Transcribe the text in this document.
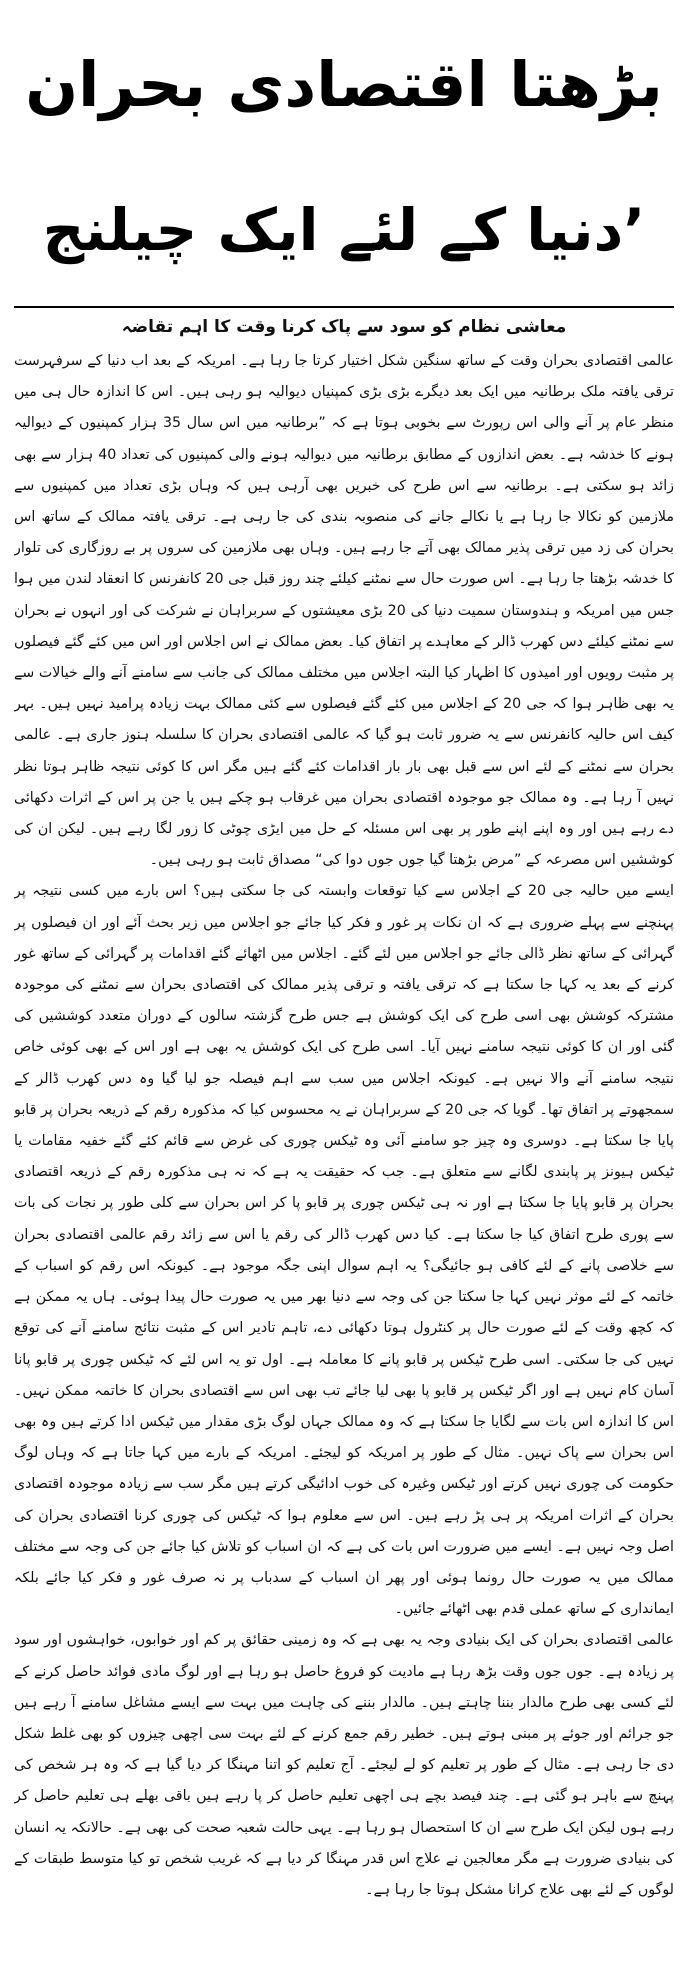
بڑھتا اقتصادی بحران
’دنیا کے لئے ایک چیلنج
معاشی نظام کو سود سے پاک کرنا وقت کا اہم تقاضہ

عالمی اقتصادی بحران وقت کے ساتھ سنگین شکل اختیار کرتا جا رہا ہے۔ امریکہ کے بعد اب دنیا کے سرفہرست ترقی یافتہ ملک برطانیہ میں ایک بعد دیگرے بڑی بڑی کمپنیاں دیوالیہ ہو رہی ہیں۔ اس کا اندازہ حال ہی میں منظر عام پر آنے والی اس رپورٹ سے بخوبی ہوتا ہے کہ ”برطانیہ میں اس سال 35 ہزار کمپنیوں کے دیوالیہ ہونے کا خدشہ ہے۔ بعض اندازوں کے مطابق برطانیہ میں دیوالیہ ہونے والی کمپنیوں کی تعداد 40 ہزار سے بھی زائد ہو سکتی ہے۔ برطانیہ سے اس طرح کی خبریں بھی آرہی ہیں کہ وہاں بڑی تعداد میں کمپنیوں سے ملازمین کو نکالا جا رہا ہے یا نکالے جانے کی منصوبہ بندی کی جا رہی ہے۔ ترقی یافتہ ممالک کے ساتھ اس بحران کی زد میں ترقی پذیر ممالک بھی آتے جا رہے ہیں۔ وہاں بھی ملازمین کی سروں پر بے روزگاری کی تلوار کا خدشہ بڑھتا جا رہا ہے۔ اس صورت حال سے نمٹنے کیلئے چند روز قبل جی 20 کانفرنس کا انعقاد لندن میں ہوا جس میں امریکہ و ہندوستان سمیت دنیا کی 20 بڑی معیشتوں کے سربراہان نے شرکت کی اور انہوں نے بحران سے نمٹنے کیلئے دس کھرب ڈالر کے معاہدے پر اتفاق کیا۔ بعض ممالک نے اس اجلاس اور اس میں کئے گئے فیصلوں پر مثبت رویوں اور امیدوں کا اظہار کیا البتہ اجلاس میں مختلف ممالک کی جانب سے سامنے آنے والے خیالات سے یہ بھی ظاہر ہوا کہ جی 20 کے اجلاس میں کئے گئے فیصلوں سے کئی ممالک بہت زیادہ پرامید نہیں ہیں۔ بہر کیف اس حالیہ کانفرنس سے یہ ضرور ثابت ہو گیا کہ عالمی اقتصادی بحران کا سلسلہ ہنوز جاری ہے۔ عالمی بحران سے نمٹنے کے لئے اس سے قبل بھی بار بار اقدامات کئے گئے ہیں مگر اس کا کوئی نتیجہ ظاہر ہوتا نظر نہیں آ رہا ہے۔ وہ ممالک جو موجودہ اقتصادی بحران میں غرقاب ہو چکے ہیں یا جن پر اس کے اثرات دکھائی دے رہے ہیں اور وہ اپنے اپنے طور پر بھی اس مسئلہ کے حل میں ایڑی چوٹی کا زور لگا رہے ہیں۔ لیکن ان کی کوششیں اس مصرعہ کے ”مرض بڑھتا گیا جوں جوں دوا کی“ مصداق ثابت ہو رہی ہیں۔

ایسے میں حالیہ جی 20 کے اجلاس سے کیا توقعات وابستہ کی جا سکتی ہیں؟ اس بارے میں کسی نتیجہ پر پہنچنے سے پہلے ضروری ہے کہ ان نکات پر غور و فکر کیا جائے جو اجلاس میں زیر بحث آئے اور ان فیصلوں پر گہرائی کے ساتھ نظر ڈالی جائے جو اجلاس میں لئے گئے۔ اجلاس میں اٹھائے گئے اقدامات پر گہرائی کے ساتھ غور کرنے کے بعد یہ کہا جا سکتا ہے کہ ترقی یافتہ و ترقی پذیر ممالک کی اقتصادی بحران سے نمٹنے کی موجودہ مشترکہ کوشش بھی اسی طرح کی ایک کوشش ہے جس طرح گزشتہ سالوں کے دوران متعدد کوششیں کی گئی اور ان کا کوئی نتیجہ سامنے نہیں آیا۔ اسی طرح کی ایک کوشش یہ بھی ہے اور اس کے بھی کوئی خاص نتیجہ سامنے آنے والا نہیں ہے۔ کیونکہ اجلاس میں سب سے اہم فیصلہ جو لیا گیا وہ دس کھرب ڈالر کے سمجھوتے پر اتفاق تھا۔ گویا کہ جی 20 کے سربراہان نے یہ محسوس کیا کہ مذکورہ رقم کے ذریعہ بحران پر قابو پایا جا سکتا ہے۔ دوسری وہ چیز جو سامنے آئی وہ ٹیکس چوری کی غرض سے قائم کئے گئے خفیہ مقامات یا ٹیکس ہیونز پر پابندی لگانے سے متعلق ہے۔ جب کہ حقیقت یہ ہے کہ نہ ہی مذکورہ رقم کے ذریعہ اقتصادی بحران پر قابو پایا جا سکتا ہے اور نہ ہی ٹیکس چوری پر قابو پا کر اس بحران سے کلی طور پر نجات کی بات سے پوری طرح اتفاق کیا جا سکتا ہے۔ کیا دس کھرب ڈالر کی رقم یا اس سے زائد رقم عالمی اقتصادی بحران سے خلاصی پانے کے لئے کافی ہو جائیگی؟ یہ اہم سوال اپنی جگہ موجود ہے۔ کیونکہ اس رقم کو اسباب کے خاتمہ کے لئے موثر نہیں کہا جا سکتا جن کی وجہ سے دنیا بھر میں یہ صورت حال پیدا ہوئی۔ ہاں یہ ممکن ہے کہ کچھ وقت کے لئے صورت حال پر کنٹرول ہوتا دکھائی دے، تاہم تادیر اس کے مثبت نتائج سامنے آنے کی توقع نہیں کی جا سکتی۔ اسی طرح ٹیکس پر قابو پانے کا معاملہ ہے۔ اول تو یہ اس لئے کہ ٹیکس چوری پر قابو پانا آسان کام نہیں ہے اور اگر ٹیکس پر قابو پا بھی لیا جائے تب بھی اس سے اقتصادی بحران کا خاتمہ ممکن نہیں۔ اس کا اندازہ اس بات سے لگایا جا سکتا ہے کہ وہ ممالک جہاں لوگ بڑی مقدار میں ٹیکس ادا کرتے ہیں وہ بھی اس بحران سے پاک نہیں۔ مثال کے طور پر امریکہ کو لیجئے۔ امریکہ کے بارے میں کہا جاتا ہے کہ وہاں لوگ حکومت کی چوری نہیں کرتے اور ٹیکس وغیرہ کی خوب ادائیگی کرتے ہیں مگر سب سے زیادہ موجودہ اقتصادی بحران کے اثرات امریکہ پر ہی پڑ رہے ہیں۔ اس سے معلوم ہوا کہ ٹیکس کی چوری کرنا اقتصادی بحران کی اصل وجہ نہیں ہے۔ ایسے میں ضرورت اس بات کی ہے کہ ان اسباب کو تلاش کیا جائے جن کی وجہ سے مختلف ممالک میں یہ صورت حال رونما ہوئی اور پھر ان اسباب کے سدباب پر نہ صرف غور و فکر کیا جائے بلکہ ایمانداری کے ساتھ عملی قدم بھی اٹھائے جائیں۔

عالمی اقتصادی بحران کی ایک بنیادی وجہ یہ بھی ہے کہ وہ زمینی حقائق پر کم اور خوابوں، خواہشوں اور سود پر زیادہ ہے۔ جوں جوں وقت بڑھ رہا ہے مادیت کو فروغ حاصل ہو رہا ہے اور لوگ مادی فوائد حاصل کرنے کے لئے کسی بھی طرح مالدار بننا چاہتے ہیں۔ مالدار بننے کی چاہت میں بہت سے ایسے مشاغل سامنے آ رہے ہیں جو جرائم اور جوئے پر مبنی ہوتے ہیں۔ خطیر رقم جمع کرنے کے لئے بہت سی اچھی چیزوں کو بھی غلط شکل دی جا رہی ہے۔ مثال کے طور پر تعلیم کو لے لیجئے۔ آج تعلیم کو اتنا مہنگا کر دیا گیا ہے کہ وہ ہر شخص کی پہنچ سے باہر ہو گئی ہے۔ چند فیصد بچے ہی اچھی تعلیم حاصل کر پا رہے ہیں باقی بھلے ہی تعلیم حاصل کر رہے ہوں لیکن ایک طرح سے ان کا استحصال ہو رہا ہے۔ یہی حالت شعبہ صحت کی بھی ہے۔ حالانکہ یہ انسان کی بنیادی ضرورت ہے مگر معالجین نے علاج اس قدر مہنگا کر دیا ہے کہ غریب شخص تو کیا متوسط طبقات کے لوگوں کے لئے بھی علاج کرانا مشکل ہوتا جا رہا ہے۔
